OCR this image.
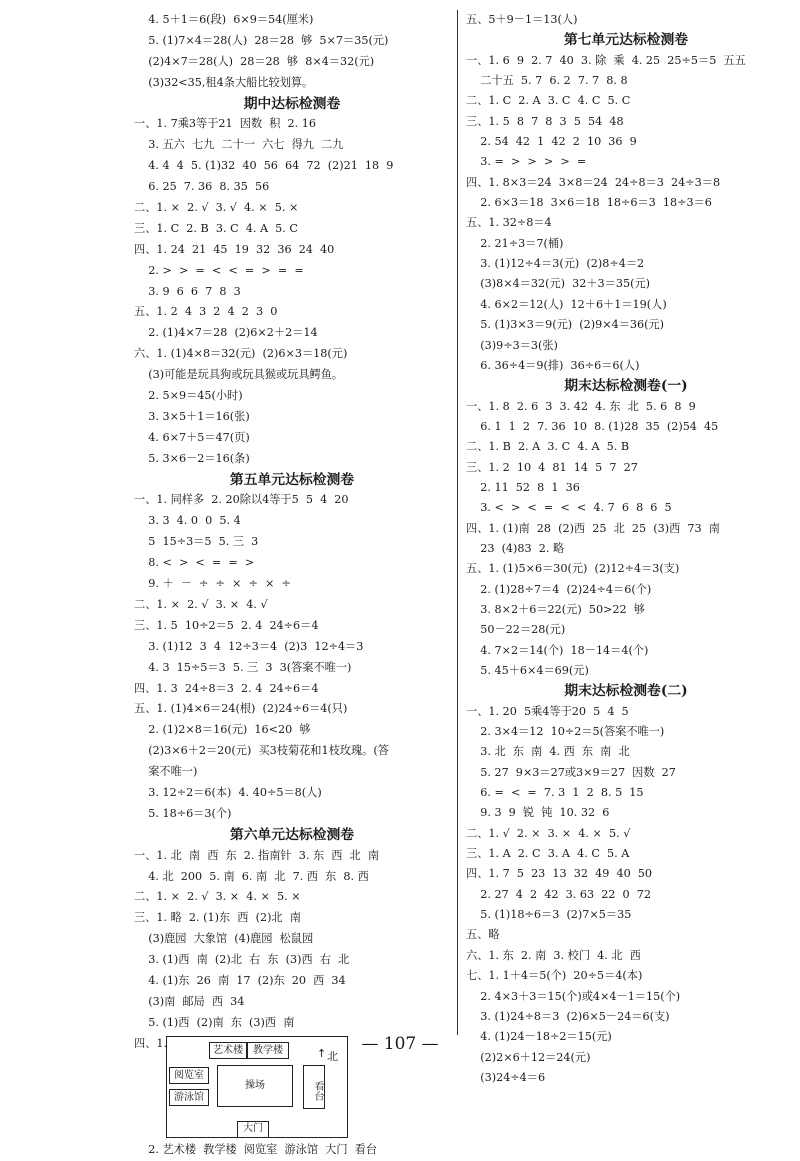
4. 5＋1＝6(段)  6×9＝54(厘米)
5. (1)7×4＝28(人)  28＝28  够  5×7＝35(元)
(2)4×7＝28(人)  28＝28  够  8×4＝32(元)
(3)32<35,租4条大船比较划算。
期中达标检测卷
一、1. 7乘3等于21  因数  积  2. 16
3. 五六  七九  二十一  六七  得九  二九
4. 4  4  5. (1)32  40  56  64  72  (2)21  18  9
6. 25  7. 36  8. 35  56
二、1. ×  2. √  3. √  4. ×  5. ×
三、1. C  2. B  3. C  4. A  5. C
四、1. 24  21  45  19  32  36  24  40
2. >  >  =  <  <  =  >  =  =
3. 9  6  6  7  8  3
五、1. 2  4  3  2  4  2  3  0
2. (1)4×7＝28  (2)6×2＋2＝14
六、1. (1)4×8＝32(元)  (2)6×3＝18(元)
(3)可能是玩具狗或玩具猴或玩具鳄鱼。
2. 5×9＝45(小时)
3. 3×5＋1＝16(张)
4. 6×7＋5＝47(页)
5. 3×6－2＝16(条)
第五单元达标检测卷
一、1. 同样多  2. 20除以4等于5  5  4  20
3. 3  4. 0  0  5. 4
5  15÷3＝5  5. 三  3
8. <  >  <  =  =  >
9. ＋  －  ÷  ÷  ×  ÷  ×  ÷
二、1. ×  2. √  3. ×  4. √
三、1. 5  10÷2＝5  2. 4  24÷6＝4
3. (1)12  3  4  12÷3＝4  (2)3  12÷4＝3
4. 3  15÷5＝3  5. 三  3  3(答案不唯一)
四、1. 3  24÷8＝3  2. 4  24÷6＝4
五、1. (1)4×6＝24(根)  (2)24÷6＝4(只)
2. (1)2×8＝16(元)  16<20  够
(2)3×6＋2＝20(元)  买3枝菊花和1枝玫瑰。(答
案不唯一)
3. 12÷2＝6(本)  4. 40÷5＝8(人)
5. 18÷6＝3(个)
第六单元达标检测卷
一、1. 北  南  西  东  2. 指南针  3. 东  西  北  南
4. 北  200  5. 南  6. 南  北  7. 西  东  8. 西
二、1. ×  2. √  3. ×  4. ×  5. ×
三、1. 略  2. (1)东  西  (2)北  南
(3)鹿园  大象馆  (4)鹿园  松鼠园
3. (1)西  南  (2)北  右  东  (3)西  右  北
4. (1)东  26  南  17  (2)东  20  西  34
(3)南  邮局  西  34
5. (1)西  (2)南  东  (3)西  南
四、1.
艺术楼	教学楼	↑ 北
阅览室
游泳馆
操场	看台
大门
2. 艺术楼  教学楼  阅览室  游泳馆  大门  看台
五、5＋9－1＝13(人)
第七单元达标检测卷
一、1. 6  9  2. 7  40  3. 除  乘  4. 25  25÷5＝5  五五
二十五  5. 7  6. 2  7. 7  8. 8
二、1. C  2. A  3. C  4. C  5. C
三、1. 5  8  7  8  3  5  54  48
2. 54  42  1  42  2  10  36  9
3. =  >  >  >  >  =
四、1. 8×3＝24  3×8＝24  24÷8＝3  24÷3＝8
2. 6×3＝18  3×6＝18  18÷6＝3  18÷3＝6
五、1. 32÷8＝4
2. 21÷3＝7(桶)
3. (1)12÷4＝3(元)  (2)8÷4＝2
(3)8×4＝32(元)  32＋3＝35(元)
4. 6×2＝12(人)  12＋6＋1＝19(人)
5. (1)3×3＝9(元)  (2)9×4＝36(元)
(3)9÷3＝3(张)
6. 36÷4＝9(排)  36÷6＝6(人)
期末达标检测卷(一)
一、1. 8  2. 6  3  3. 42  4. 东  北  5. 6  8  9
6. 1  1  2  7. 36  10  8. (1)28  35  (2)54  45
二、1. B  2. A  3. C  4. A  5. B
三、1. 2  10  4  81  14  5  7  27
2. 11  52  8  1  36
3. <  >  <  =  <  <  4. 7  6  8  6  5
四、1. (1)南  28  (2)西  25  北  25  (3)西  73  南
23  (4)83  2. 略
五、1. (1)5×6＝30(元)  (2)12÷4＝3(支)
2. (1)28÷7＝4  (2)24÷4＝6(个)
3. 8×2＋6＝22(元)  50>22  够
50－22＝28(元)
4. 7×2＝14(个)  18－14＝4(个)
5. 45＋6×4＝69(元)
期末达标检测卷(二)
一、1. 20  5乘4等于20  5  4  5
2. 3×4＝12  10÷2＝5(答案不唯一)
3. 北  东  南  4. 西  东  南  北
5. 27  9×3＝27或3×9＝27  因数  27
6. =  <  =  7. 3  1  2  8. 5  15
9. 3  9  锐  钝  10. 32  6
二、1. √  2. ×  3. ×  4. ×  5. √
三、1. A  2. C  3. A  4. C  5. A
四、1. 7  5  23  13  32  49  40  50
2. 27  4  2  42  3. 63  22  0  72
5. (1)18÷6＝3  (2)7×5＝35
五、略
六、1. 东  2. 南  3. 校门  4. 北  西
七、1. 1＋4＝5(个)  20÷5＝4(本)
2. 4×3＋3＝15(个)或4×4－1＝15(个)
3. (1)24÷8＝3  (2)6×5－24＝6(支)
4. (1)24－18÷2＝15(元)
(2)2×6＋12＝24(元)
(3)24÷4＝6
— 107 —
